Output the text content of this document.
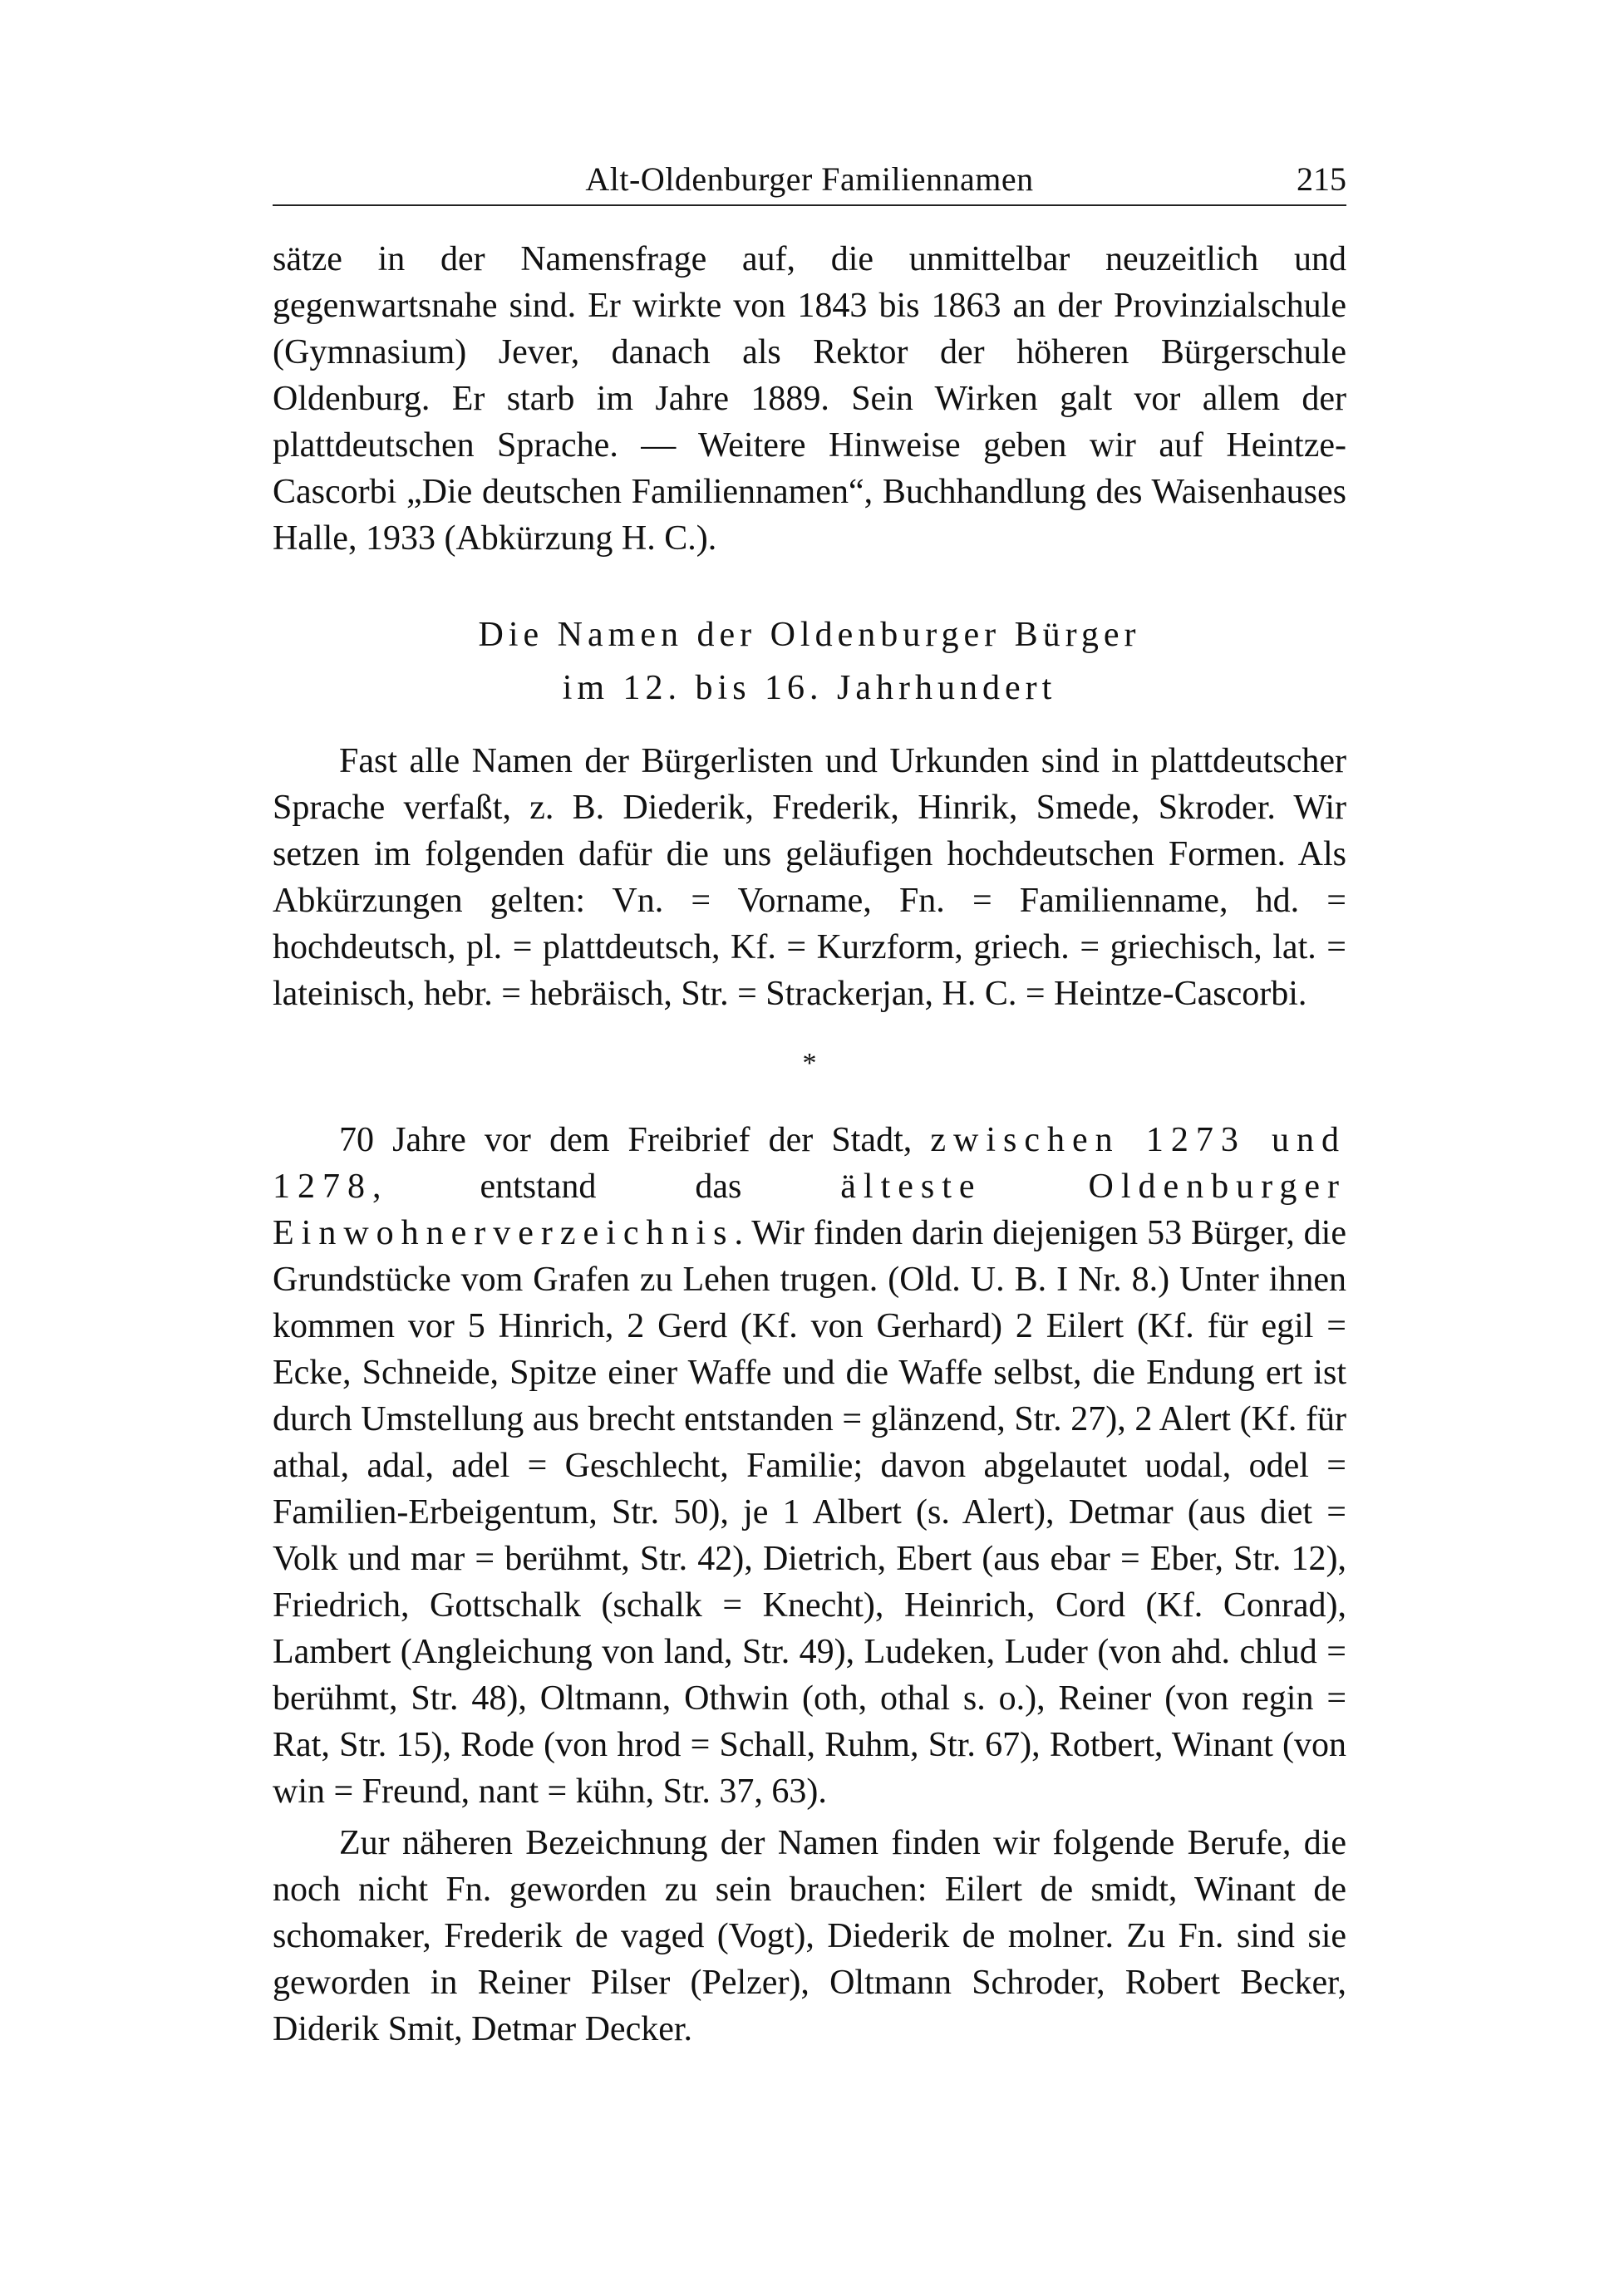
Alt-Oldenburger Familiennamen	215

sätze in der Namensfrage auf, die unmittelbar neuzeitlich und gegenwartsnahe sind. Er wirkte von 1843 bis 1863 an der Provinzialschule (Gymnasium) Jever, danach als Rektor der höheren Bürgerschule Oldenburg. Er starb im Jahre 1889. Sein Wirken galt vor allem der plattdeutschen Sprache. — Weitere Hinweise geben wir auf Heintze-Cascorbi „Die deutschen Familiennamen“, Buchhandlung des Waisenhauses Halle, 1933 (Abkürzung H. C.).

Die Namen der Oldenburger Bürger
im 12. bis 16. Jahrhundert

Fast alle Namen der Bürgerlisten und Urkunden sind in plattdeutscher Sprache verfaßt, z. B. Diederik, Frederik, Hinrik, Smede, Skroder. Wir setzen im folgenden dafür die uns geläufigen hochdeutschen Formen. Als Abkürzungen gelten: Vn. = Vorname, Fn. = Familienname, hd. = hochdeutsch, pl. = plattdeutsch, Kf. = Kurzform, griech. = griechisch, lat. = lateinisch, hebr. = hebräisch, Str. = Strackerjan, H. C. = Heintze-Cascorbi.

*

70 Jahre vor dem Freibrief der Stadt, zwischen 1273 und 1278, entstand das älteste Oldenburger Einwohnerverzeichnis. Wir finden darin diejenigen 53 Bürger, die Grundstücke vom Grafen zu Lehen trugen. (Old. U. B. I Nr. 8.) Unter ihnen kommen vor 5 Hinrich, 2 Gerd (Kf. von Gerhard) 2 Eilert (Kf. für egil = Ecke, Schneide, Spitze einer Waffe und die Waffe selbst, die Endung ert ist durch Umstellung aus brecht entstanden = glänzend, Str. 27), 2 Alert (Kf. für athal, adal, adel = Geschlecht, Familie; davon abgelautet uodal, odel = Familien-Erbeigentum, Str. 50), je 1 Albert (s. Alert), Detmar (aus diet = Volk und mar = berühmt, Str. 42), Dietrich, Ebert (aus ebar = Eber, Str. 12), Friedrich, Gottschalk (schalk = Knecht), Heinrich, Cord (Kf. Conrad), Lambert (Angleichung von land, Str. 49), Ludeken, Luder (von ahd. chlud = berühmt, Str. 48), Oltmann, Othwin (oth, othal s. o.), Reiner (von regin = Rat, Str. 15), Rode (von hrod = Schall, Ruhm, Str. 67), Rotbert, Winant (von win = Freund, nant = kühn, Str. 37, 63).

Zur näheren Bezeichnung der Namen finden wir folgende Berufe, die noch nicht Fn. geworden zu sein brauchen: Eilert de smidt, Winant de schomaker, Frederik de vaged (Vogt), Diederik de molner. Zu Fn. sind sie geworden in Reiner Pilser (Pelzer), Oltmann Schroder, Robert Becker, Diderik Smit, Detmar Decker.
